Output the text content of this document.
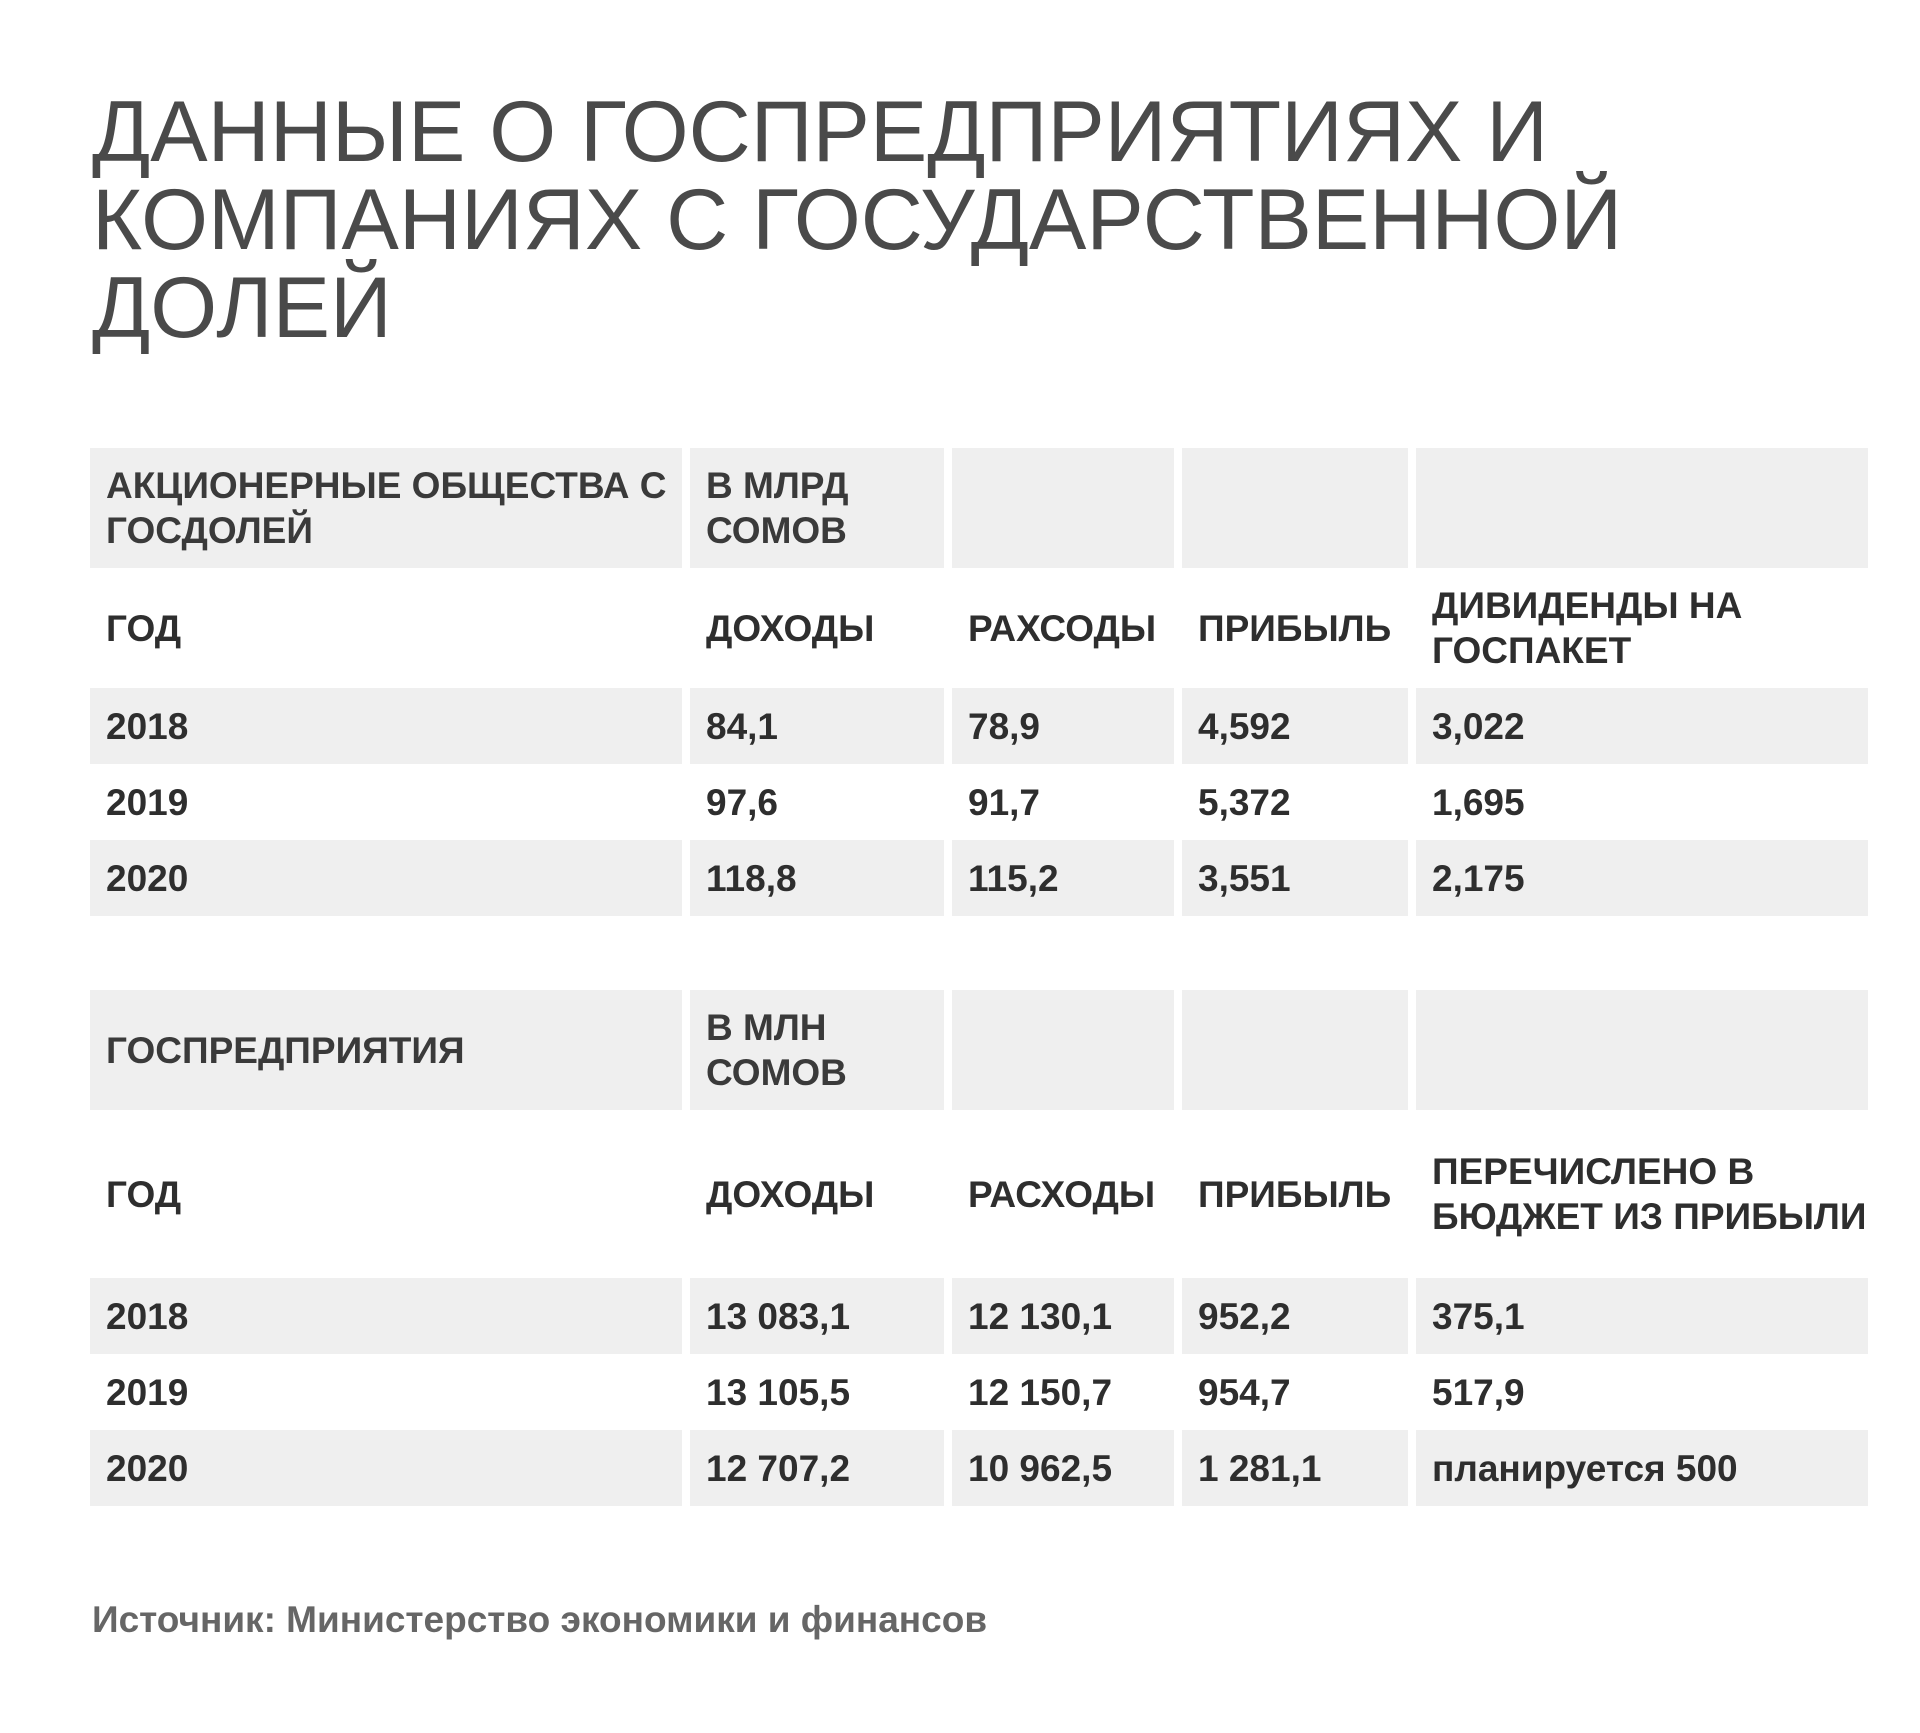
ДАННЫЕ О ГОСПРЕДПРИЯТИЯХ И КОМПАНИЯХ С ГОСУДАРСТВЕННОЙ ДОЛЕЙ
АКЦИОНЕРНЫЕ ОБЩЕСТВА С ГОСДОЛЕЙ	В МЛРД СОМОВ			
ГОД	ДОХОДЫ	РАХСОДЫ	ПРИБЫЛЬ	ДИВИДЕНДЫ НА ГОСПАКЕТ
2018	84,1	78,9	4,592	3,022
2019	97,6	91,7	5,372	1,695
2020	118,8	115,2	3,551	2,175
ГОСПРЕДПРИЯТИЯ	В МЛН СОМОВ			
ГОД	ДОХОДЫ	РАСХОДЫ	ПРИБЫЛЬ	ПЕРЕЧИСЛЕНО В БЮДЖЕТ ИЗ ПРИБЫЛИ
2018	13 083,1	12 130,1	952,2	375,1
2019	13 105,5	12 150,7	954,7	517,9
2020	12 707,2	10 962,5	1 281,1	планируется 500
Источник: Министерство экономики и финансов
